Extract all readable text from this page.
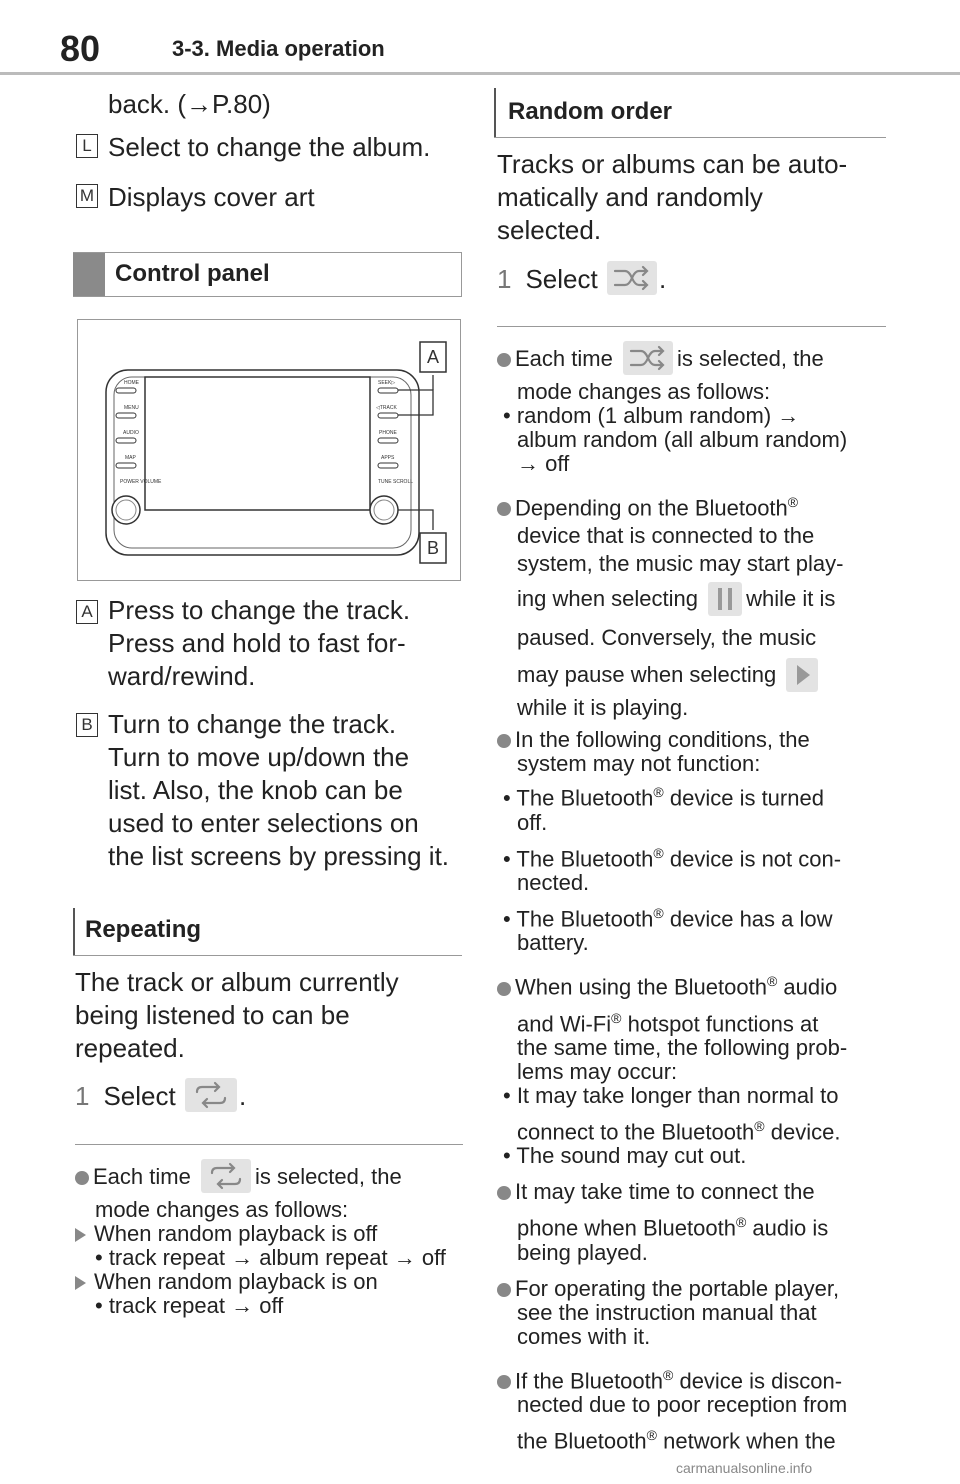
80	3-3. Media operation
back. (→P.80)
L Select to change the album.
M Displays cover art
Control panel
HOME
MENU
AUDIO
MAP
POWER VOLUME
SEEK▷
◁TRACK
PHONE
APPS
TUNE SCROLL
A
B
A Press to change the track.
Press and hold to fast for-
ward/rewind.
B Turn to change the track.
Turn to move up/down the
list. Also, the knob can be
used to enter selections on
the list screens by pressing it.
Repeating
The track or album currently
being listened to can be
repeated.
1 Select .
Each time	is selected, the
mode changes as follows:
When random playback is off
• track repeat → album repeat → off
When random playback is on
• track repeat → off
Random order
Tracks or albums can be auto-
matically and randomly
selected.
1 Select .
Each time	is selected, the
mode changes as follows:
• random (1 album random) →
album random (all album random)
→ off
Depending on the Bluetooth®
device that is connected to the
system, the music may start play-
ing when selecting while it is
paused. Conversely, the music
may pause when selecting
while it is playing.
In the following conditions, the
system may not function:
• The Bluetooth® device is turned
off.
• The Bluetooth® device is not con-
nected.
• The Bluetooth® device has a low
battery.
When using the Bluetooth® audio
and Wi-Fi® hotspot functions at
the same time, the following prob-
lems may occur:
• It may take longer than normal to
connect to the Bluetooth® device.
• The sound may cut out.
It may take time to connect the
phone when Bluetooth® audio is
being played.
For operating the portable player,
see the instruction manual that
comes with it.
If the Bluetooth® device is discon-
nected due to poor reception from
the Bluetooth® network when the
carmanualsonline.info
